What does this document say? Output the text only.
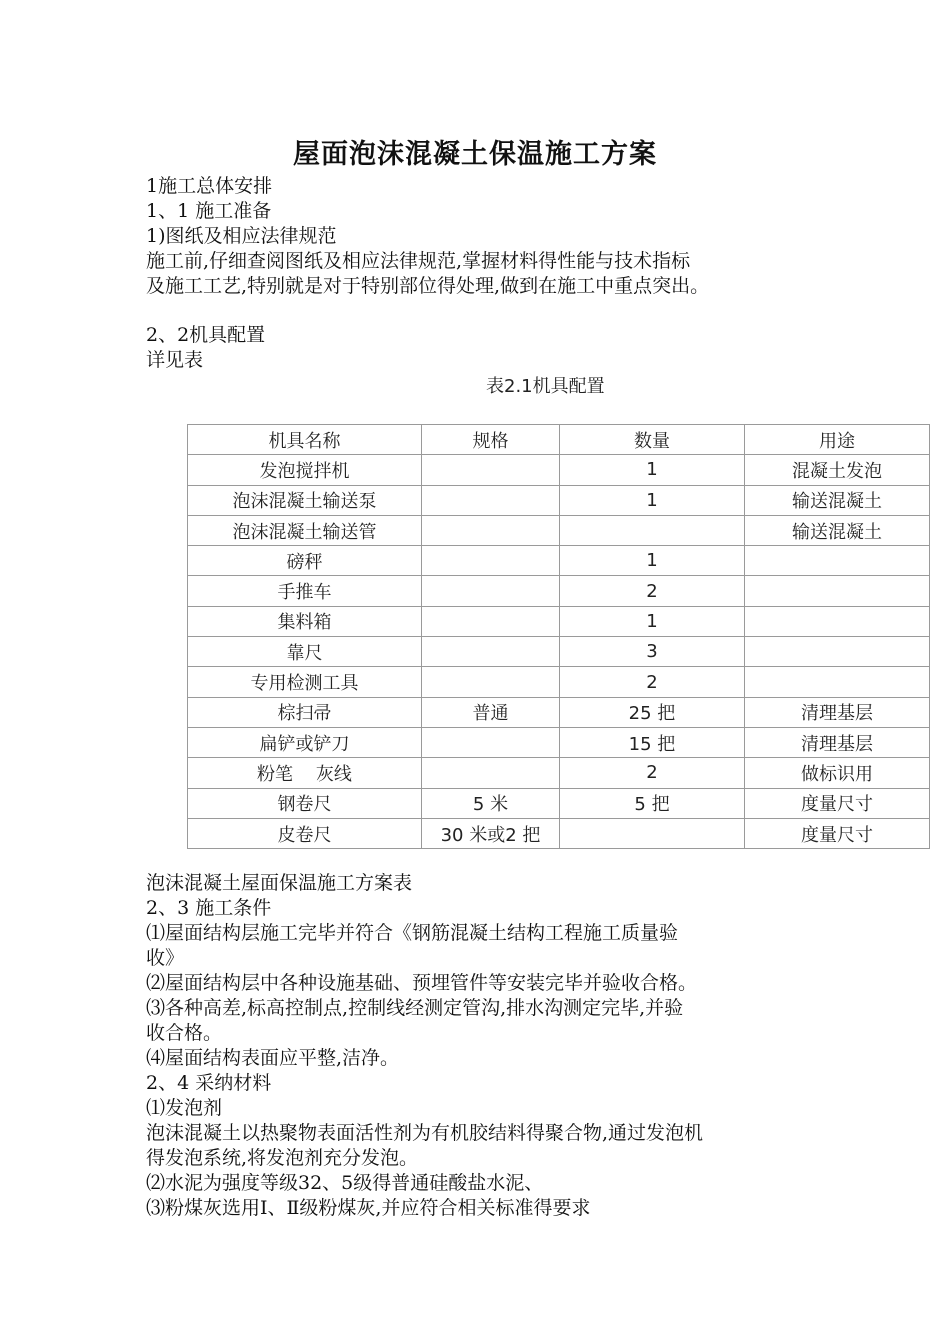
屋面泡沫混凝土保温施工方案
1施工总体安排
1、1 施工准备
1)图纸及相应法律规范
施工前,仔细查阅图纸及相应法律规范,掌握材料得性能与技术指标
及施工工艺,特别就是对于特别部位得处理,做到在施工中重点突出。
2、2机具配置
详见表
表2.1机具配置
机具名称	规格	数量	用途
发泡搅拌机		1	混凝土发泡
泡沫混凝土输送泵		1	输送混凝土
泡沫混凝土输送管			输送混凝土
磅秤		1	
手推车		2	
集料箱		1	
靠尺		3	
专用检测工具		2	
棕扫帚	普通	25 把	清理基层
扁铲或铲刀		15 把	清理基层
粉笔    灰线		2	做标识用
钢卷尺	5 米	5 把	度量尺寸
皮卷尺	30 米或2 把		度量尺寸
泡沫混凝土屋面保温施工方案表
2、3 施工条件
⑴屋面结构层施工完毕并符合《钢筋混凝土结构工程施工质量验
收》
⑵屋面结构层中各种设施基础、预埋管件等安装完毕并验收合格。
⑶各种高差,标高控制点,控制线经测定管沟,排水沟测定完毕,并验
收合格。
⑷屋面结构表面应平整,洁净。
2、4 采纳材料
⑴发泡剂
泡沫混凝土以热聚物表面活性剂为有机胶结料得聚合物,通过发泡机
得发泡系统,将发泡剂充分发泡。
⑵水泥为强度等级32、5级得普通硅酸盐水泥、
⑶粉煤灰选用Ⅰ、Ⅱ级粉煤灰,并应符合相关标准得要求
